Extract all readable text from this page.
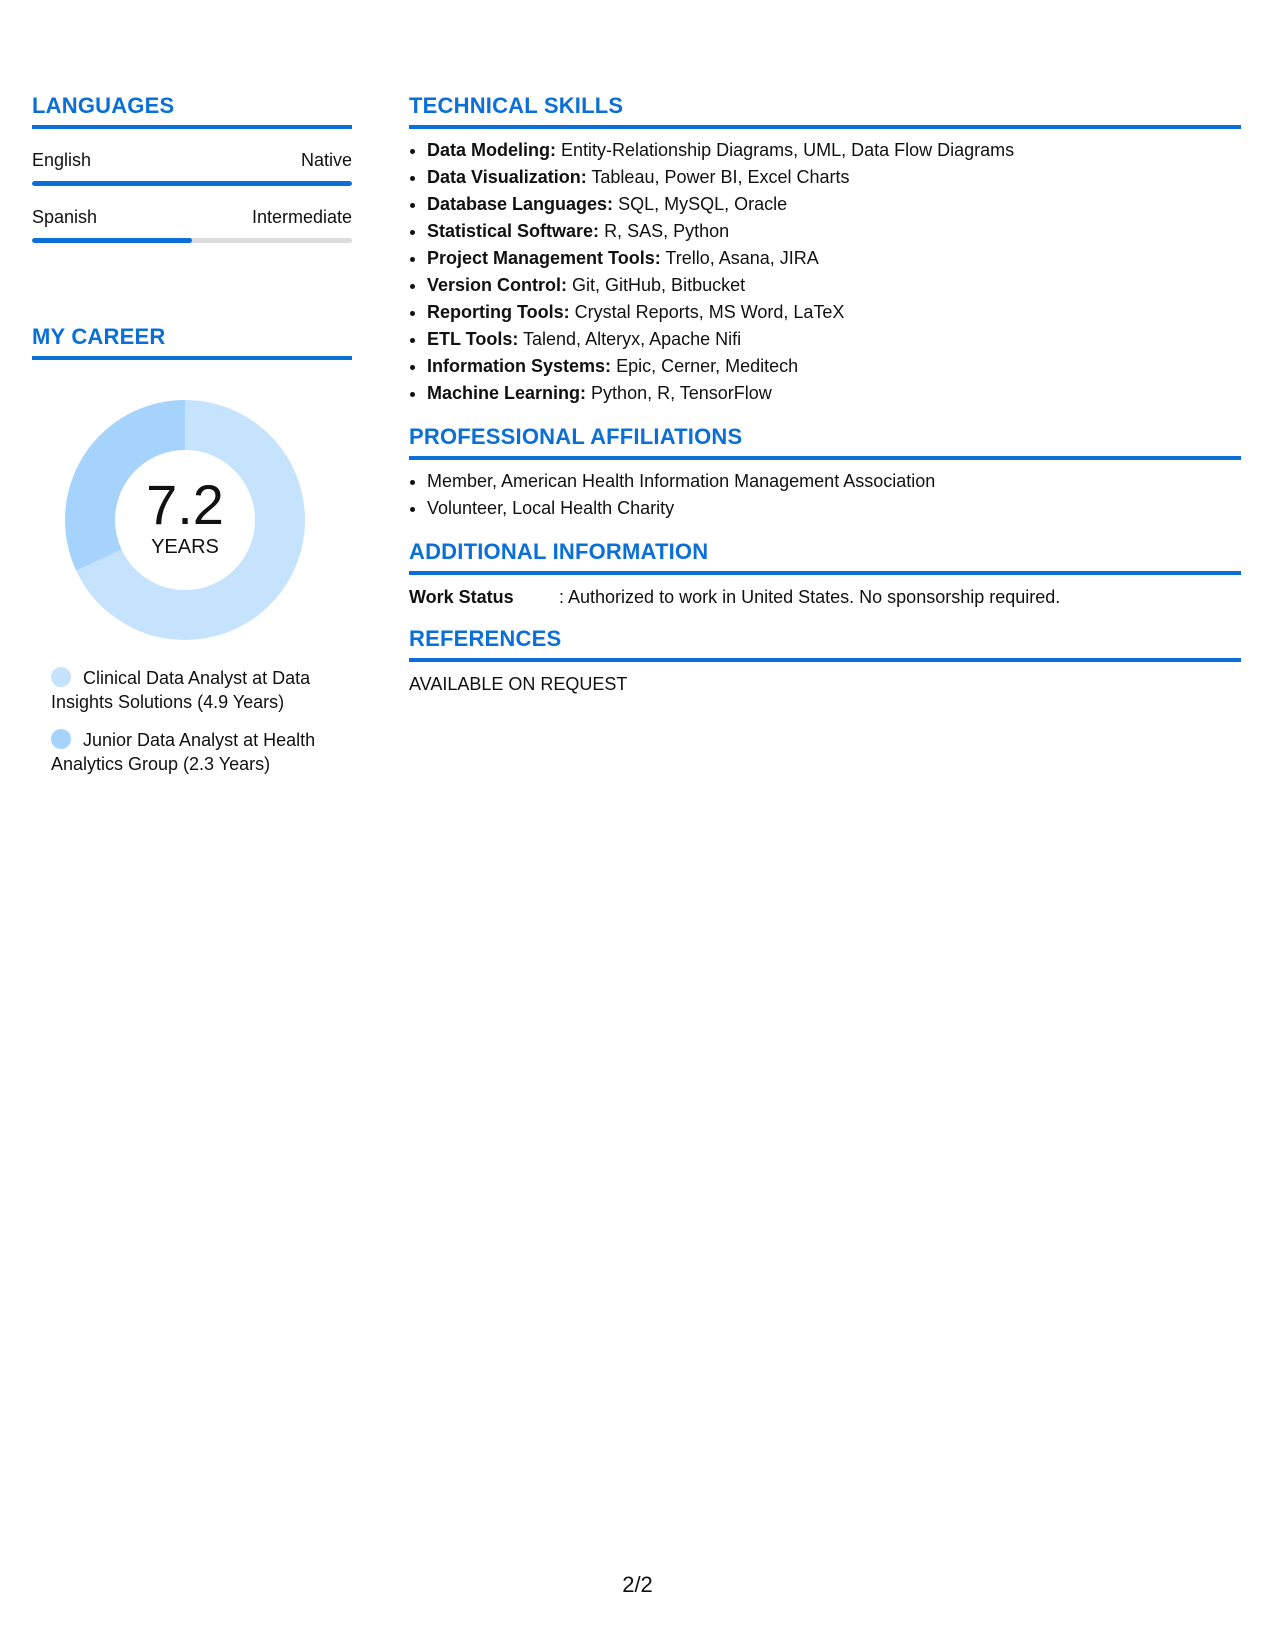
LANGUAGES
English	Native
Spanish	Intermediate
MY CAREER
7.2
YEARS
Clinical Data Analyst at Data Insights Solutions (4.9 Years)
Junior Data Analyst at Health Analytics Group (2.3 Years)
TECHNICAL SKILLS
• Data Modeling: Entity-Relationship Diagrams, UML, Data Flow Diagrams
• Data Visualization: Tableau, Power BI, Excel Charts
• Database Languages: SQL, MySQL, Oracle
• Statistical Software: R, SAS, Python
• Project Management Tools: Trello, Asana, JIRA
• Version Control: Git, GitHub, Bitbucket
• Reporting Tools: Crystal Reports, MS Word, LaTeX
• ETL Tools: Talend, Alteryx, Apache Nifi
• Information Systems: Epic, Cerner, Meditech
• Machine Learning: Python, R, TensorFlow
PROFESSIONAL AFFILIATIONS
• Member, American Health Information Management Association
• Volunteer, Local Health Charity
ADDITIONAL INFORMATION
Work Status	: Authorized to work in United States. No sponsorship required.
REFERENCES
AVAILABLE ON REQUEST
2/2
